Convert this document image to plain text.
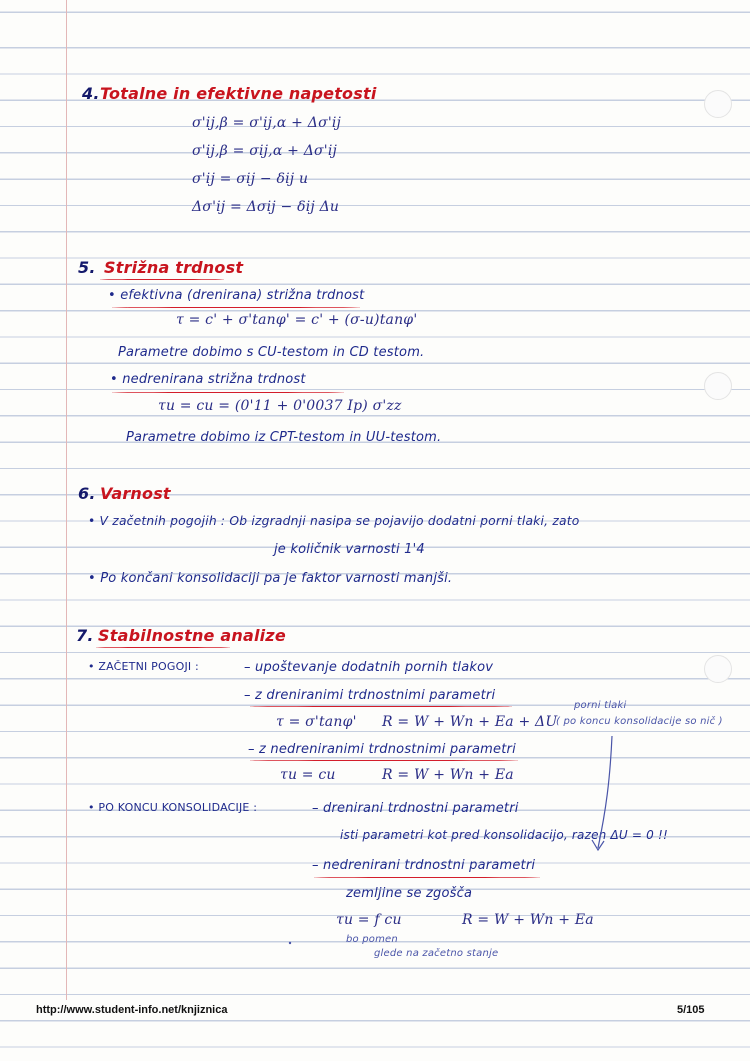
4. Totalne in efektivne napetosti
σ'ij,β = σ'ij,α + Δσ'ij
σ'ij,β = σij,α + Δσ'ij
σ'ij = σij − δij u
Δσ'ij = Δσij − δij Δu
5. Strižna trdnost
• efektivna (drenirana) strižna trdnost
τ = c' + σ'tanφ' = c' + (σ-u)tanφ'
Parametre dobimo s CU-testom in CD testom.
• nedrenirana strižna trdnost
τu = cu = (0'11 + 0'0037 Ip) σ'zz
Parametre dobimo iz CPT-testom in UU-testom.
6. Varnost
• V začetnih pogojih : Ob izgradnji nasipa se pojavijo dodatni porni tlaki, zato
je količnik varnosti 1'4
• Po končani konsolidaciji pa je faktor varnosti manjši.
7. Stabilnostne analize
• ZAČETNI POGOJI :	– upoštevanje dodatnih pornih tlakov
– z dreniranimi trdnostnimi parametri
τ = σ'tanφ' R = W + Wn + Ea + ΔU
porni tlaki
( po koncu konsolidacije so nič )
– z nedreniranimi trdnostnimi parametri
τu = cu	R = W + Wn + Ea
• PO KONCU KONSOLIDACIJE :	– drenirani trdnostni parametri
isti parametri kot pred konsolidacijo, razen ΔU = 0 !!
– nedrenirani trdnostni parametri
zemljine se zgošča
τu = f cu	R = W + Wn + Ea
bo pomen
glede na začetno stanje
http://www.student-info.net/knjiznica	5/105
